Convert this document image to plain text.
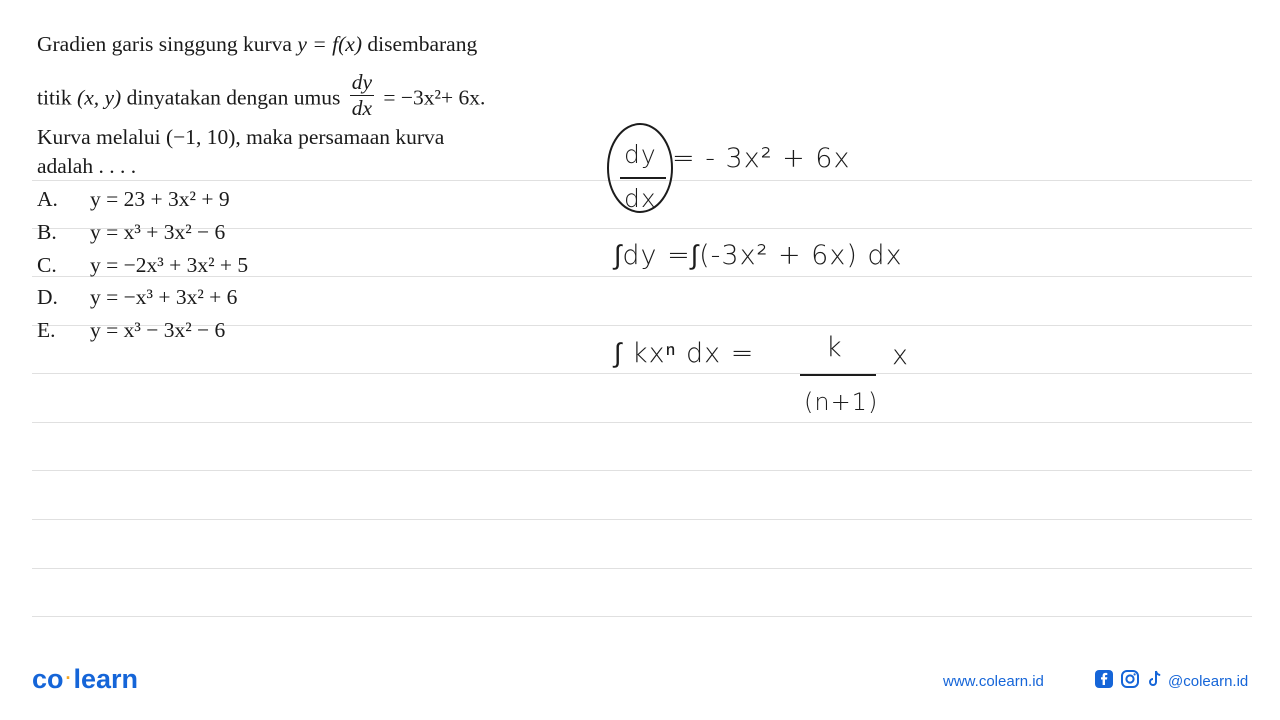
Gradien garis singgung kurva y = f(x) disembarang
titik (x, y) dinyatakan dengan umus $\frac{dy}{dx} = -3x^2+ 6x$.
Kurva melalui (−1, 10), maka persamaan kurva
adalah . . . .
A. y = 23 + 3x² + 9
B. y = x³ + 3x² − 6
C. y = −2x³ + 3x² + 5
D. y = −x³ + 3x² + 6
E. y = x³ − 3x² − 6
dy
dx
= - 3x² + 6x
∫dy =∫(-3x² + 6x) dx
∫ kxⁿ dx =	k
(n+1)
x
co ·learn	www.colearn.id	@colearn.id
